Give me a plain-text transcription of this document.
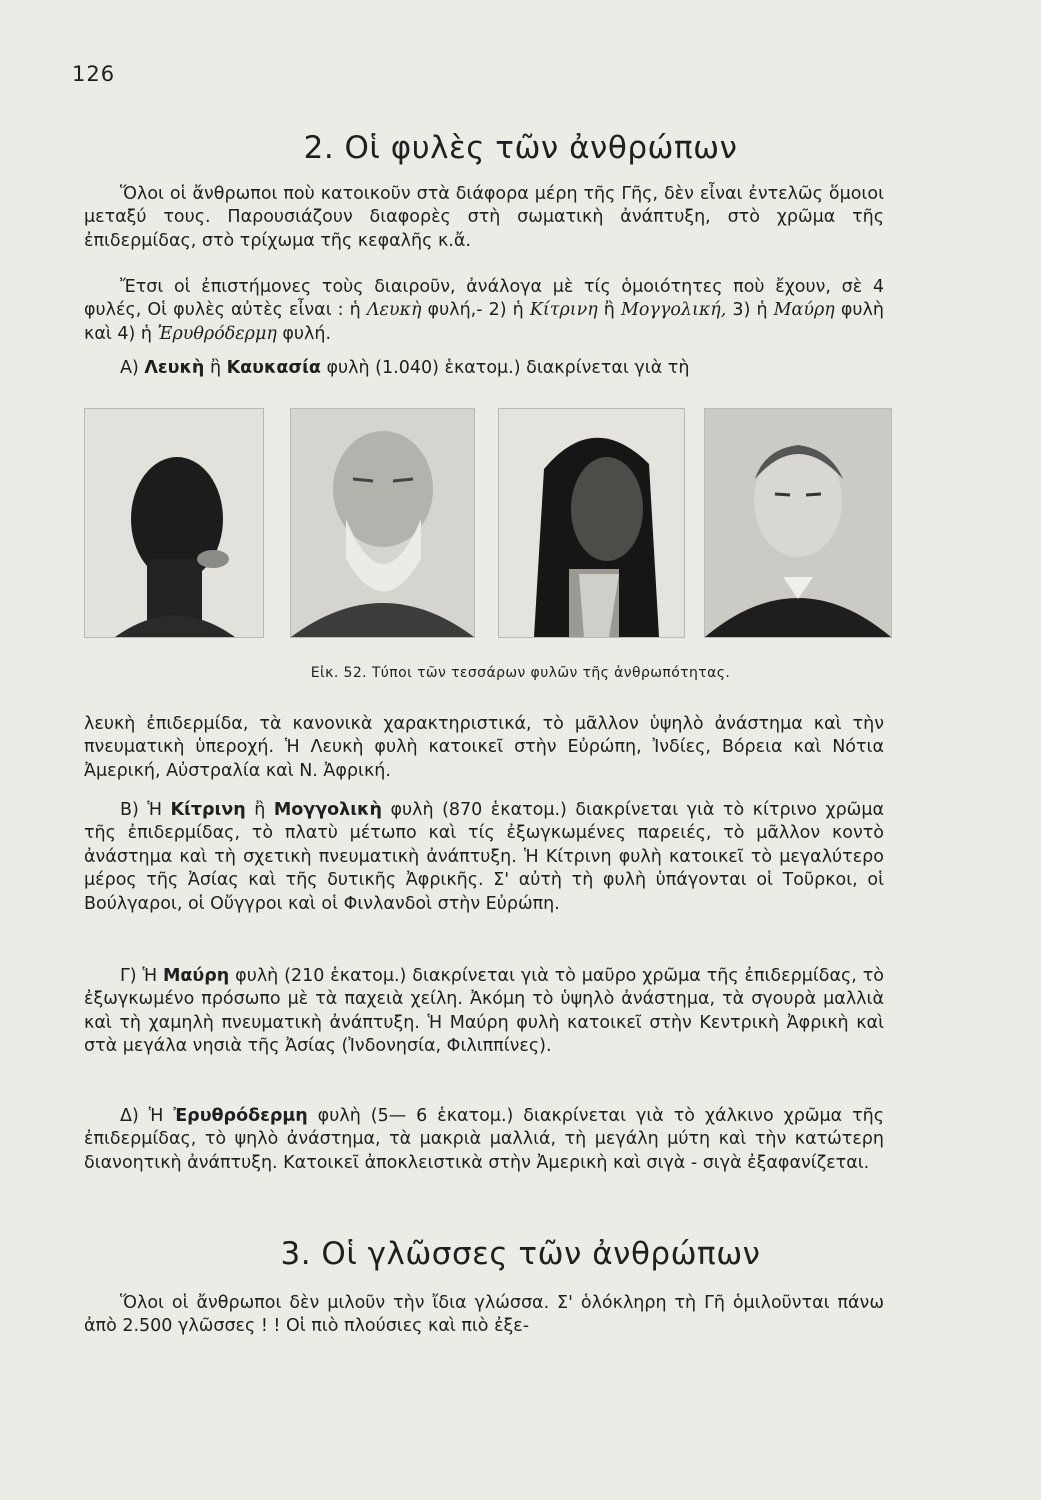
126
2. Οἱ φυλὲς τῶν ἀνθρώπων

Ὅλοι οἱ ἄνθρωποι ποὺ κατοικοῦν στὰ διάφορα μέρη τῆς Γῆς, δὲν εἶναι ἐντελῶς ὅμοιοι μεταξύ τους. Παρουσιάζουν διαφορὲς στὴ σωματικὴ ἀνάπτυξη, στὸ χρῶμα τῆς ἐπιδερμίδας, στὸ τρίχωμα τῆς κεφαλῆς κ.ἄ.

Ἔτσι οἱ ἐπιστήμονες τοὺς διαιροῦν, ἀνάλογα μὲ τίς ὁμοιότητες ποὺ ἔχουν, σὲ 4 φυλές, Οἱ φυλὲς αὐτὲς εἶναι : ἡ Λευκὴ φυλή,- 2) ἡ Κίτρινη ἢ Μογγολική, 3) ἡ Μαύρη φυλὴ καὶ 4) ἡ Ἐρυθρόδερμη φυλή.

A) Λευκὴ ἢ Καυκασία φυλὴ (1.040) ἑκατομ.) διακρίνεται γιὰ τὴ

Εἰκ. 52. Τύποι τῶν τεσσάρων φυλῶν τῆς ἀνθρωπότητας.

λευκὴ ἐπιδερμίδα, τὰ κανονικὰ χαρακτηριστικά, τὸ μᾶλλον ὑψηλὸ ἀνάστημα καὶ τὴν πνευματικὴ ὑπεροχή. Ἡ Λευκὴ φυλὴ κατοικεῖ στὴν Εὐρώπη, Ἰνδίες, Βόρεια καὶ Νότια Ἀμερική, Αὐστραλία καὶ Ν. Ἀφρική.

B) Ἡ Κίτρινη ἢ Μογγολικὴ φυλὴ (870 ἑκατομ.) διακρίνεται γιὰ τὸ κίτρινο χρῶμα τῆς ἐπιδερμίδας, τὸ πλατὺ μέτωπο καὶ τίς ἐξωγκωμένες παρειές, τὸ μᾶλλον κοντὸ ἀνάστημα καὶ τὴ σχετικὴ πνευματικὴ ἀνάπτυξη. Ἡ Κίτρινη φυλὴ κατοικεῖ τὸ μεγαλύτερο μέρος τῆς Ἀσίας καὶ τῆς δυτικῆς Ἀφρικῆς. Σ' αὐτὴ τὴ φυλὴ ὑπάγονται οἱ Τοῦρκοι, οἱ Βούλγαροι, οἱ Οὔγγροι καὶ οἱ Φινλανδοὶ στὴν Εὐρώπη.

Γ) Ἡ Μαύρη φυλὴ (210 ἑκατομ.) διακρίνεται γιὰ τὸ μαῦρο χρῶμα τῆς ἐπιδερμίδας, τὸ ἐξωγκωμένο πρόσωπο μὲ τὰ παχειὰ χείλη. Ἀκόμη τὸ ὑψηλὸ ἀνάστημα, τὰ σγουρὰ μαλλιὰ καὶ τὴ χαμηλὴ πνευματικὴ ἀνάπτυξη. Ἡ Μαύρη φυλὴ κατοικεῖ στὴν Κεντρικὴ Ἀφρικὴ καὶ στὰ μεγάλα νησιὰ τῆς Ἀσίας (Ἰνδονησία, Φιλιππίνες).

Δ) Ἡ Ἐρυθρόδερμη φυλὴ (5— 6 ἑκατομ.) διακρίνεται γιὰ τὸ χάλκινο χρῶμα τῆς ἐπιδερμίδας, τὸ ψηλὸ ἀνάστημα, τὰ μακριὰ μαλλιά, τὴ μεγάλη μύτη καὶ τὴν κατώτερη διανοητικὴ ἀνάπτυξη. Κατοικεῖ ἀποκλειστικὰ στὴν Ἀμερικὴ καὶ σιγὰ - σιγὰ ἐξαφανίζεται.

3. Οἱ γλῶσσες τῶν ἀνθρώπων

Ὅλοι οἱ ἄνθρωποι δὲν μιλοῦν τὴν ἴδια γλώσσα. Σ' ὁλόκληρη τὴ Γῆ ὁμιλοῦνται πάνω ἀπὸ 2.500 γλῶσσες ! ! Οἱ πιὸ πλούσιες καὶ πιὸ ἐξε-
